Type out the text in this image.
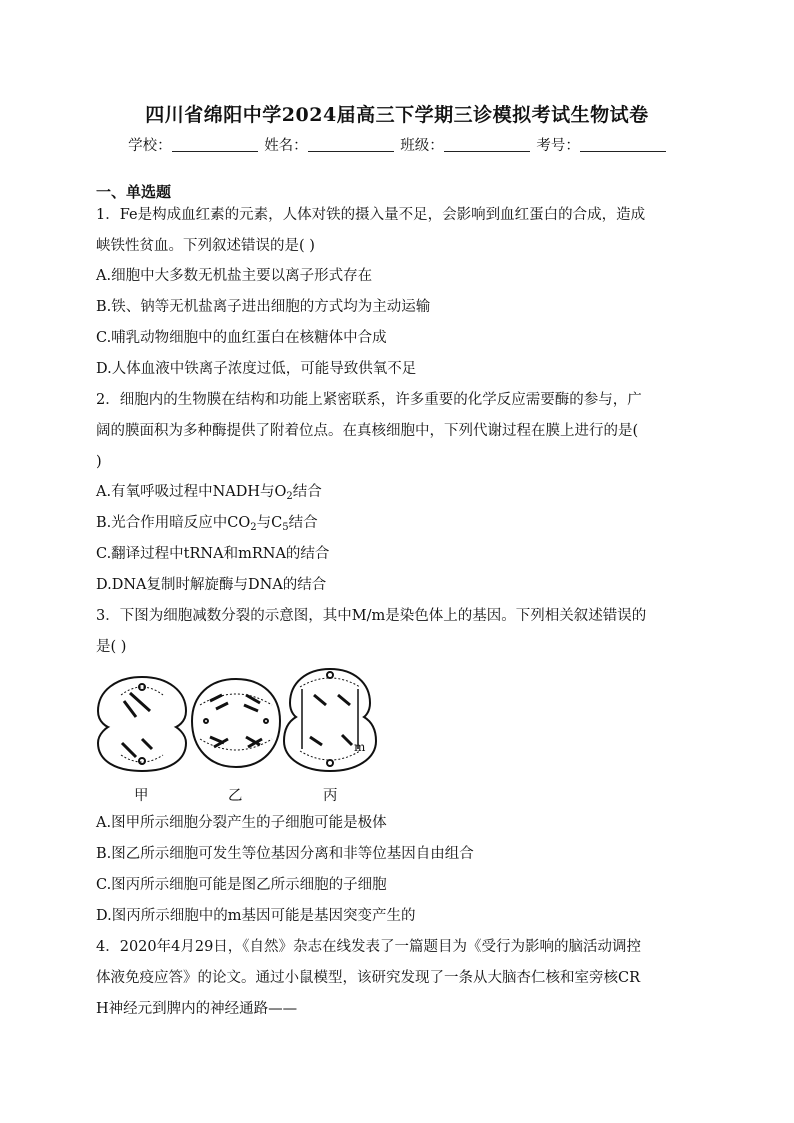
四川省绵阳中学2024届高三下学期三诊模拟考试生物试卷
学校：	姓名：	班级：	考号：
一、单选题
1．Fe是构成血红素的元素，人体对铁的摄入量不足，会影响到血红蛋白的合成，造成
峡铁性贫血。下列叙述错误的是( )
A.细胞中大多数无机盐主要以离子形式存在
B.铁、钠等无机盐离子进出细胞的方式均为主动运输
C.哺乳动物细胞中的血红蛋白在核糖体中合成
D.人体血液中铁离子浓度过低，可能导致供氧不足
2．细胞内的生物膜在结构和功能上紧密联系，许多重要的化学反应需要酶的参与，广
阔的膜面积为多种酶提供了附着位点。在真核细胞中，下列代谢过程在膜上进行的是(
)
A.有氧呼吸过程中NADH与$O_2$结合
B.光合作用暗反应中$CO_2$与$C_5$结合
C.翻译过程中tRNA和mRNA的结合
D.DNA复制时解旋酶与DNA的结合
3．下图为细胞减数分裂的示意图，其中M/m是染色体上的基因。下列相关叙述错误的
是( )
m
甲	乙	丙
A.图甲所示细胞分裂产生的子细胞可能是极体
B.图乙所示细胞可发生等位基因分离和非等位基因自由组合
C.图丙所示细胞可能是图乙所示细胞的子细胞
D.图丙所示细胞中的m基因可能是基因突变产生的
4．2020年4月29日，《自然》杂志在线发表了一篇题目为《受行为影响的脑活动调控
体液免疫应答》的论文。通过小鼠模型，该研究发现了一条从大脑杏仁核和室旁核CR
H神经元到脾内的神经通路——
